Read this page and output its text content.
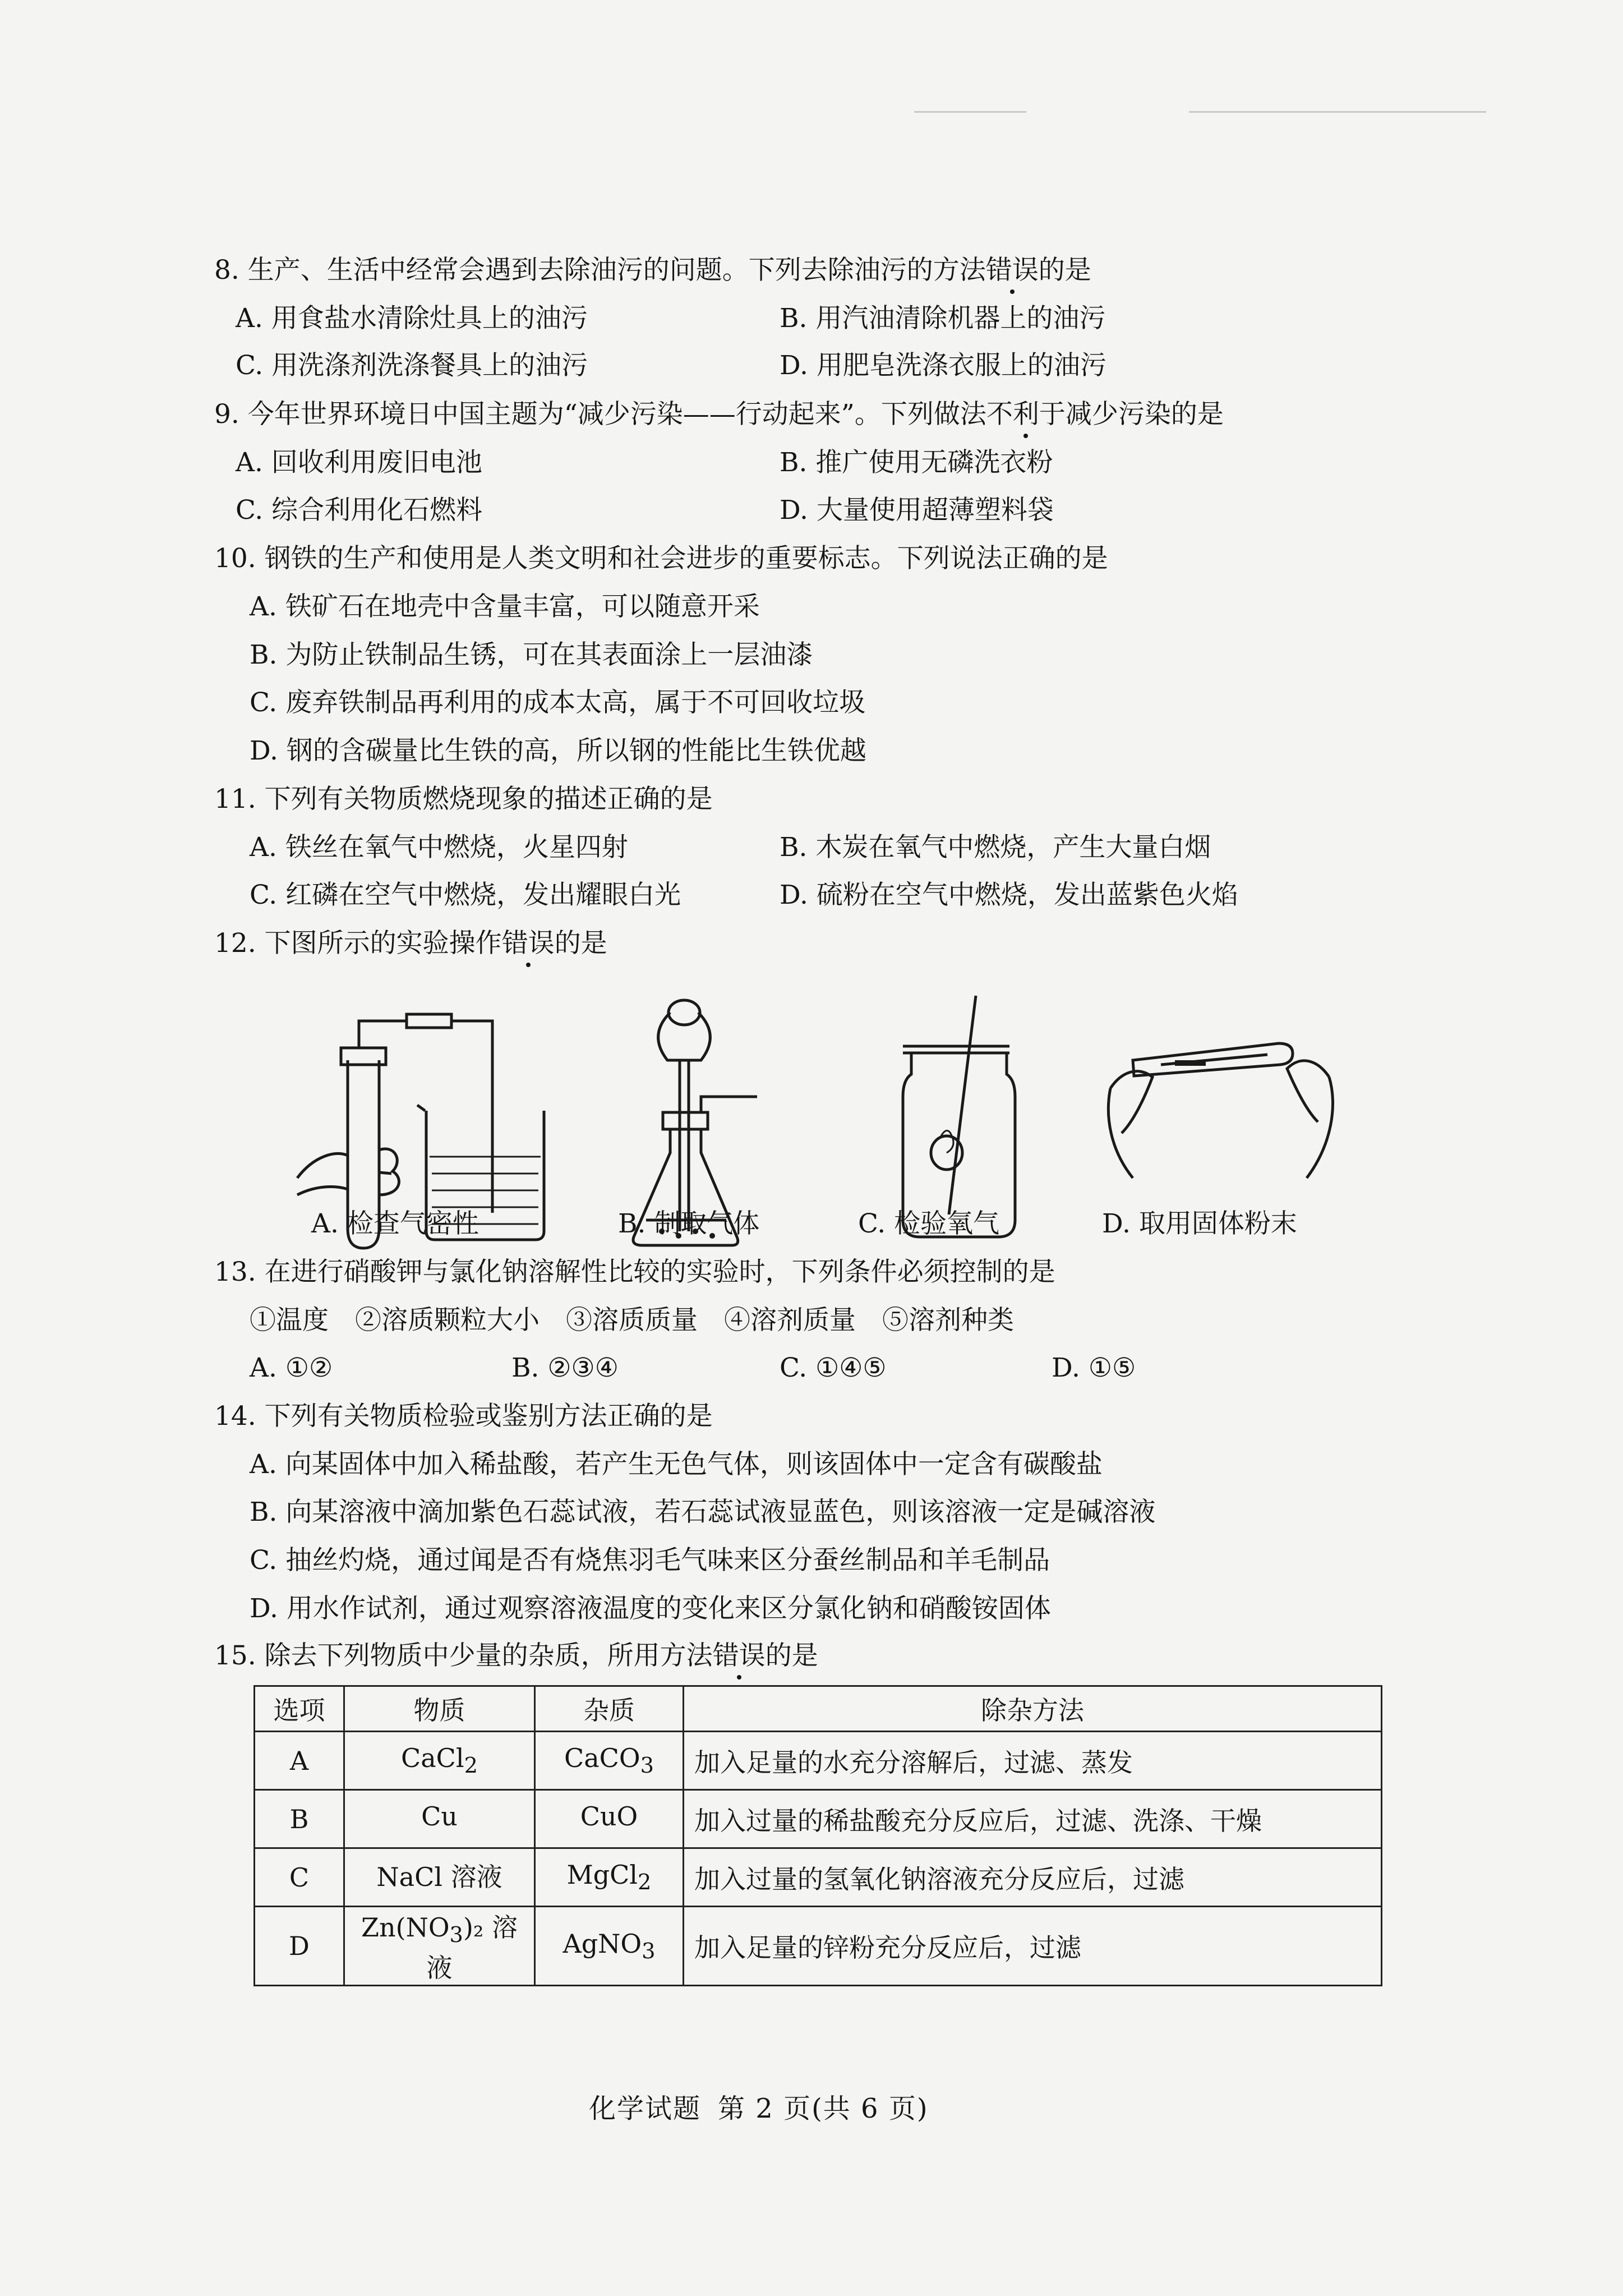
8. 生产、生活中经常会遇到去除油污的问题。下列去除油污的方法错误的是
A. 用食盐水清除灶具上的油污	B. 用汽油清除机器上的油污
C. 用洗涤剂洗涤餐具上的油污	D. 用肥皂洗涤衣服上的油污
9. 今年世界环境日中国主题为“减少污染——行动起来”。下列做法不利于减少污染的是
A. 回收利用废旧电池	B. 推广使用无磷洗衣粉
C. 综合利用化石燃料	D. 大量使用超薄塑料袋
10. 钢铁的生产和使用是人类文明和社会进步的重要标志。下列说法正确的是
A. 铁矿石在地壳中含量丰富，可以随意开采
B. 为防止铁制品生锈，可在其表面涂上一层油漆
C. 废弃铁制品再利用的成本太高，属于不可回收垃圾
D. 钢的含碳量比生铁的高，所以钢的性能比生铁优越
11. 下列有关物质燃烧现象的描述正确的是
A. 铁丝在氧气中燃烧，火星四射	B. 木炭在氧气中燃烧，产生大量白烟
C. 红磷在空气中燃烧，发出耀眼白光	D. 硫粉在空气中燃烧，发出蓝紫色火焰
12. 下图所示的实验操作错误的是
A. 检查气密性	B. 制取气体	C. 检验氧气	D. 取用固体粉末
13. 在进行硝酸钾与氯化钠溶解性比较的实验时，下列条件必须控制的是
①温度　②溶质颗粒大小　③溶质质量　④溶剂质量　⑤溶剂种类
A. ①②	B. ②③④	C. ①④⑤	D. ①⑤
14. 下列有关物质检验或鉴别方法正确的是
A. 向某固体中加入稀盐酸，若产生无色气体，则该固体中一定含有碳酸盐
B. 向某溶液中滴加紫色石蕊试液，若石蕊试液显蓝色，则该溶液一定是碱溶液
C. 抽丝灼烧，通过闻是否有烧焦羽毛气味来区分蚕丝制品和羊毛制品
D. 用水作试剂，通过观察溶液温度的变化来区分氯化钠和硝酸铵固体
15. 除去下列物质中少量的杂质，所用方法错误的是
选项	物质	杂质	除杂方法
A	CaCl$_2$	CaCO$_3$	加入足量的水充分溶解后，过滤、蒸发
B	Cu	CuO	加入过量的稀盐酸充分反应后，过滤、洗涤、干燥
C	NaCl 溶液	MgCl$_2$	加入过量的氢氧化钠溶液充分反应后，过滤
D	$Zn(NO_3)_2$ 溶液	AgNO$_3$	加入足量的锌粉充分反应后，过滤
化学试题 第 2 页(共 6 页)
